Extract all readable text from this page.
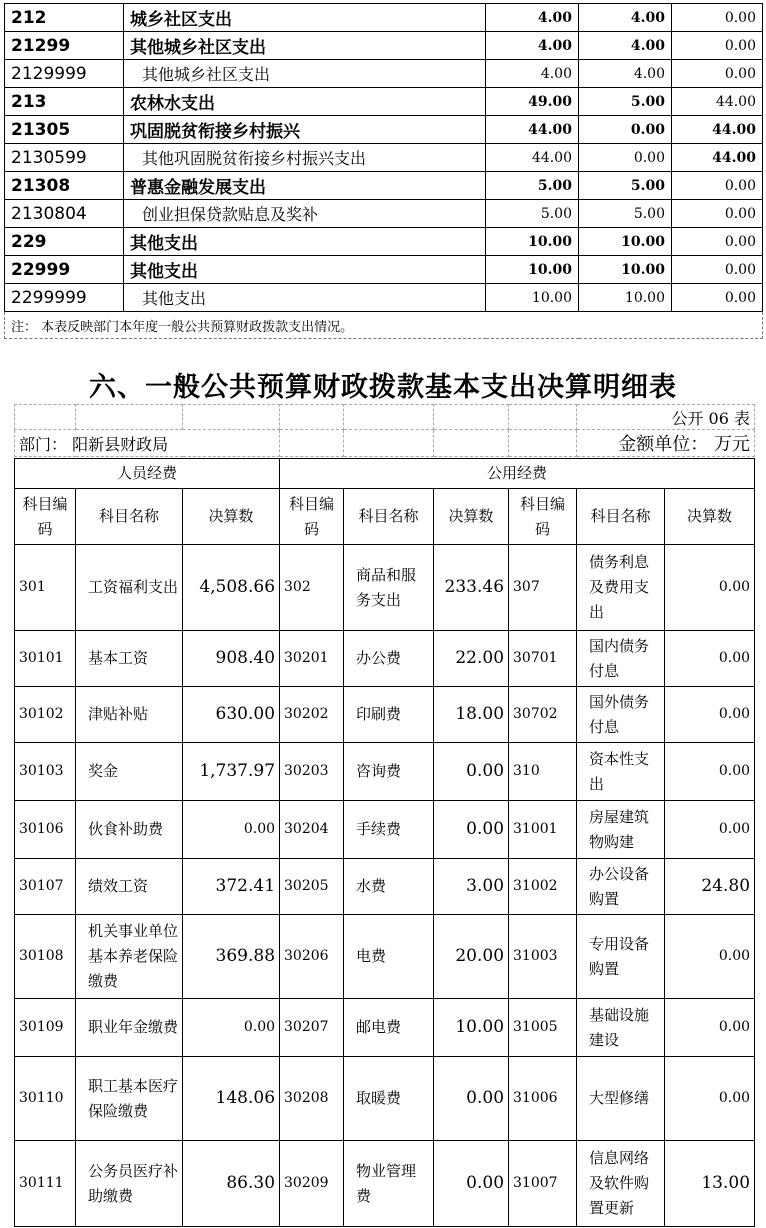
212	城乡社区支出	4.00	4.00	0.00
21299	其他城乡社区支出	4.00	4.00	0.00
2129999	其他城乡社区支出	4.00	4.00	0.00
213	农林水支出	49.00	5.00	44.00
21305	巩固脱贫衔接乡村振兴	44.00	0.00	44.00
2130599	其他巩固脱贫衔接乡村振兴支出	44.00	0.00	44.00
21308	普惠金融发展支出	5.00	5.00	0.00
2130804	创业担保贷款贴息及奖补	5.00	5.00	0.00
229	其他支出	10.00	10.00	0.00
22999	其他支出	10.00	10.00	0.00
2299999	其他支出	10.00	10.00	0.00
注： 本表反映部门本年度一般公共预算财政拨款支出情况。				
六、一般公共预算财政拨款基本支出决算明细表
							公开 06 表
部门： 阳新县财政局							金额单位： 万元
人员经费			公用经费					
科目编码	科目名称	决算数	科目编码	科目名称	决算数	科目编码	科目名称	决算数
301	工资福利支出	4,508.66	302	商品和服务支出	233.46	307	债务利息及费用支出	0.00
30101	基本工资	908.40	30201	办公费	22.00	30701	国内债务付息	0.00
30102	津贴补贴	630.00	30202	印刷费	18.00	30702	国外债务付息	0.00
30103	奖金	1,737.97	30203	咨询费	0.00	310	资本性支出	0.00
30106	伙食补助费	0.00	30204	手续费	0.00	31001	房屋建筑物购建	0.00
30107	绩效工资	372.41	30205	水费	3.00	31002	办公设备购置	24.80
30108	机关事业单位基本养老保险缴费	369.88	30206	电费	20.00	31003	专用设备购置	0.00
30109	职业年金缴费	0.00	30207	邮电费	10.00	31005	基础设施建设	0.00
30110	职工基本医疗保险缴费	148.06	30208	取暖费	0.00	31006	大型修缮	0.00
30111	公务员医疗补助缴费	86.30	30209	物业管理费	0.00	31007	信息网络及软件购置更新	13.00
